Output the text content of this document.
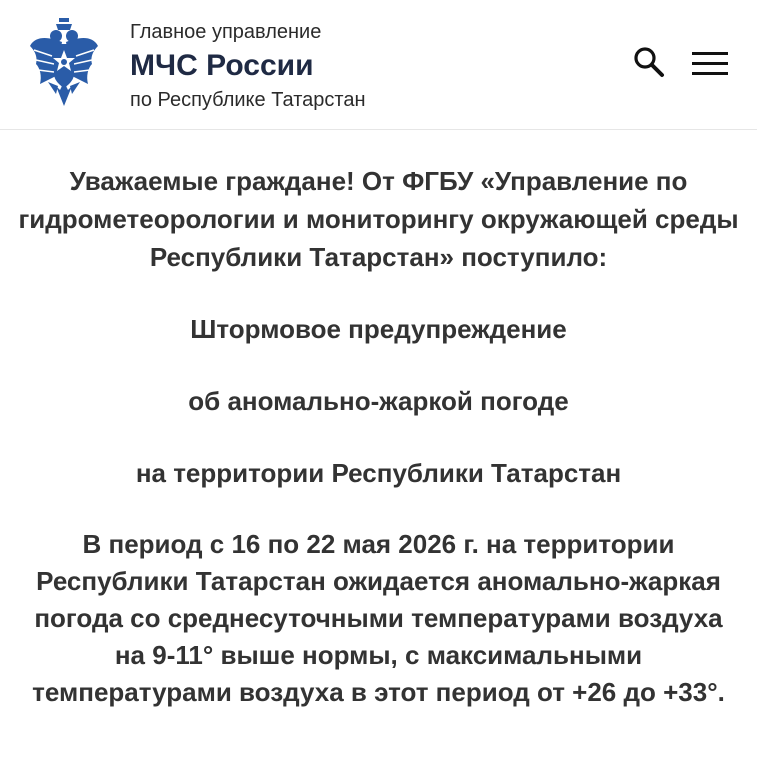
Главное управление
МЧС России
по Республике Татарстан

Уважаемые граждане! От ФГБУ «Управление по гидрометеорологии и мониторингу окружающей среды Республики Татарстан» поступило:

Штормовое предупреждение

об аномально-жаркой погоде

на территории Республики Татарстан

В период с 16 по 22 мая 2026 г. на территории Республики Татарстан ожидается аномально-жаркая погода со среднесуточными температурами воздуха на 9-11° выше нормы, с максимальными температурами воздуха в этот период от +26 до +33°.
